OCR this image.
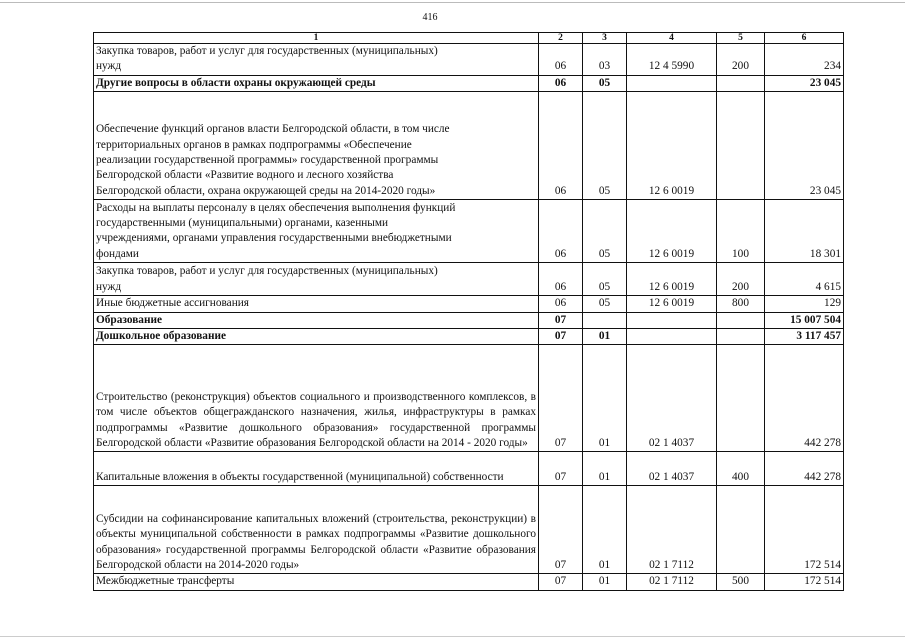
416
1	2	3	4	5	6
Закупка товаров, работ и услуг для государственных (муниципальных)
нужд	06	03	12 4 5990	200	234
Другие вопросы в области охраны окружающей среды	06	05			23 045
Обеспечение функций органов власти Белгородской области, в том числе
территориальных органов в рамках подпрограммы «Обеспечение
реализации государственной программы» государственной программы
Белгородской области «Развитие водного и лесного хозяйства
Белгородской области, охрана окружающей среды на 2014-2020 годы»	06	05	12 6 0019		23 045
Расходы на выплаты персоналу в целях обеспечения выполнения функций
государственными (муниципальными) органами, казенными
учреждениями, органами управления государственными внебюджетными
фондами	06	05	12 6 0019	100	18 301
Закупка товаров, работ и услуг для государственных (муниципальных)
нужд	06	05	12 6 0019	200	4 615
Иные бюджетные ассигнования	06	05	12 6 0019	800	129
Образование	07				15 007 504
Дошкольное образование	07	01			3 117 457
Строительство (реконструкция) объектов социального и производственного комплексов, в том числе объектов общегражданского назначения, жилья, инфраструктуры в рамках подпрограммы «Развитие дошкольного образования» государственной программы Белгородской области «Развитие образования Белгородской области на 2014 - 2020 годы»	07	01	02 1 4037		442 278
Капитальные вложения в объекты государственной (муниципальной) собственности	07	01	02 1 4037	400	442 278
Субсидии на софинансирование капитальных вложений (строительства, реконструкции) в объекты муниципальной собственности в рамках подпрограммы «Развитие дошкольного образования» государственной программы Белгородской области «Развитие образования Белгородской области на 2014-2020 годы»	07	01	02 1 7112		172 514
Межбюджетные трансферты	07	01	02 1 7112	500	172 514
